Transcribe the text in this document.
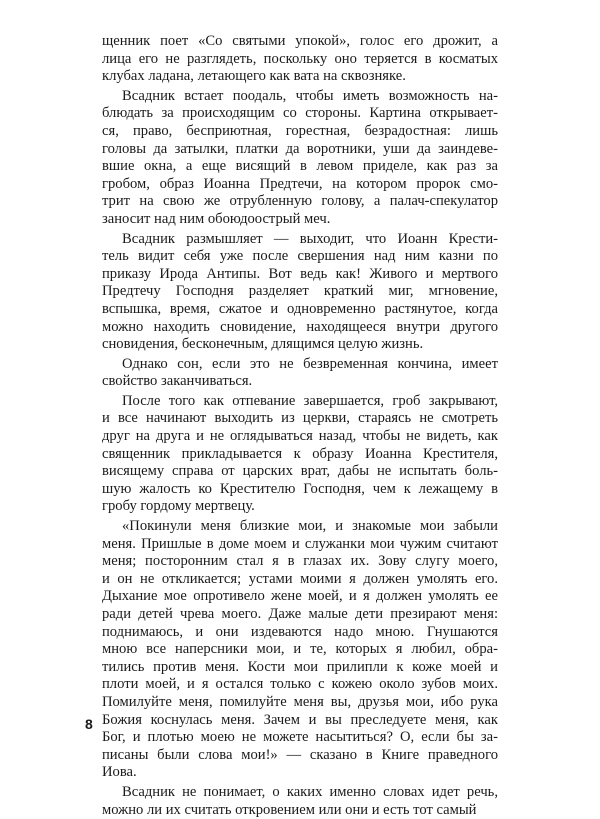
щенник поет «Со святыми упокой», голос его дрожит, а
лица его не разглядеть, поскольку оно теряется в косматых
клубах ладана, летающего как вата на сквозняке.

Всадник встает поодаль, чтобы иметь возможность на-
блюдать за происходящим со стороны. Картина открывает-
ся, право, бесприютная, горестная, безрадостная: лишь
головы да затылки, платки да воротники, уши да заиндеве-
вшие окна, а еще висящий в левом приделе, как раз за
гробом, образ Иоанна Предтечи, на котором пророк смо-
трит на свою же отрубленную голову, а палач-спекулатор
заносит над ним обоюдоострый меч.

Всадник размышляет — выходит, что Иоанн Крести-
тель видит себя уже после свершения над ним казни по
приказу Ирода Антипы. Вот ведь как! Живого и мертвого
Предтечу Господня разделяет краткий миг, мгновение,
вспышка, время, сжатое и одновременно растянутое, когда
можно находить сновидение, находящееся внутри другого
сновидения, бесконечным, длящимся целую жизнь.

Однако сон, если это не безвременная кончина, имеет
свойство заканчиваться.

После того как отпевание завершается, гроб закрывают,
и все начинают выходить из церкви, стараясь не смотреть
друг на друга и не оглядываться назад, чтобы не видеть, как
священник прикладывается к образу Иоанна Крестителя,
висящему справа от царских врат, дабы не испытать боль-
шую жалость ко Крестителю Господня, чем к лежащему в
гробу гордому мертвецу.

«Покинули меня близкие мои, и знакомые мои забыли
меня. Пришлые в доме моем и служанки мои чужим считают
меня; посторонним стал я в глазах их. Зову слугу моего,
и он не откликается; устами моими я должен умолять его.
Дыхание мое опротивело жене моей, и я должен умолять ее
ради детей чрева моего. Даже малые дети презирают меня:
поднимаюсь, и они издеваются надо мною. Гнушаются
мною все наперсники мои, и те, которых я любил, обра-
тились против меня. Кости мои прилипли к коже моей и
плоти моей, и я остался только с кожею около зубов моих.
Помилуйте меня, помилуйте меня вы, друзья мои, ибо рука
Божия коснулась меня. Зачем и вы преследуете меня, как
Бог, и плотью моею не можете насытиться? О, если бы за-
писаны были слова мои!» — сказано в Книге праведного
Иова.

Всадник не понимает, о каких именно словах идет речь,
можно ли их считать откровением или они и есть тот самый

8
